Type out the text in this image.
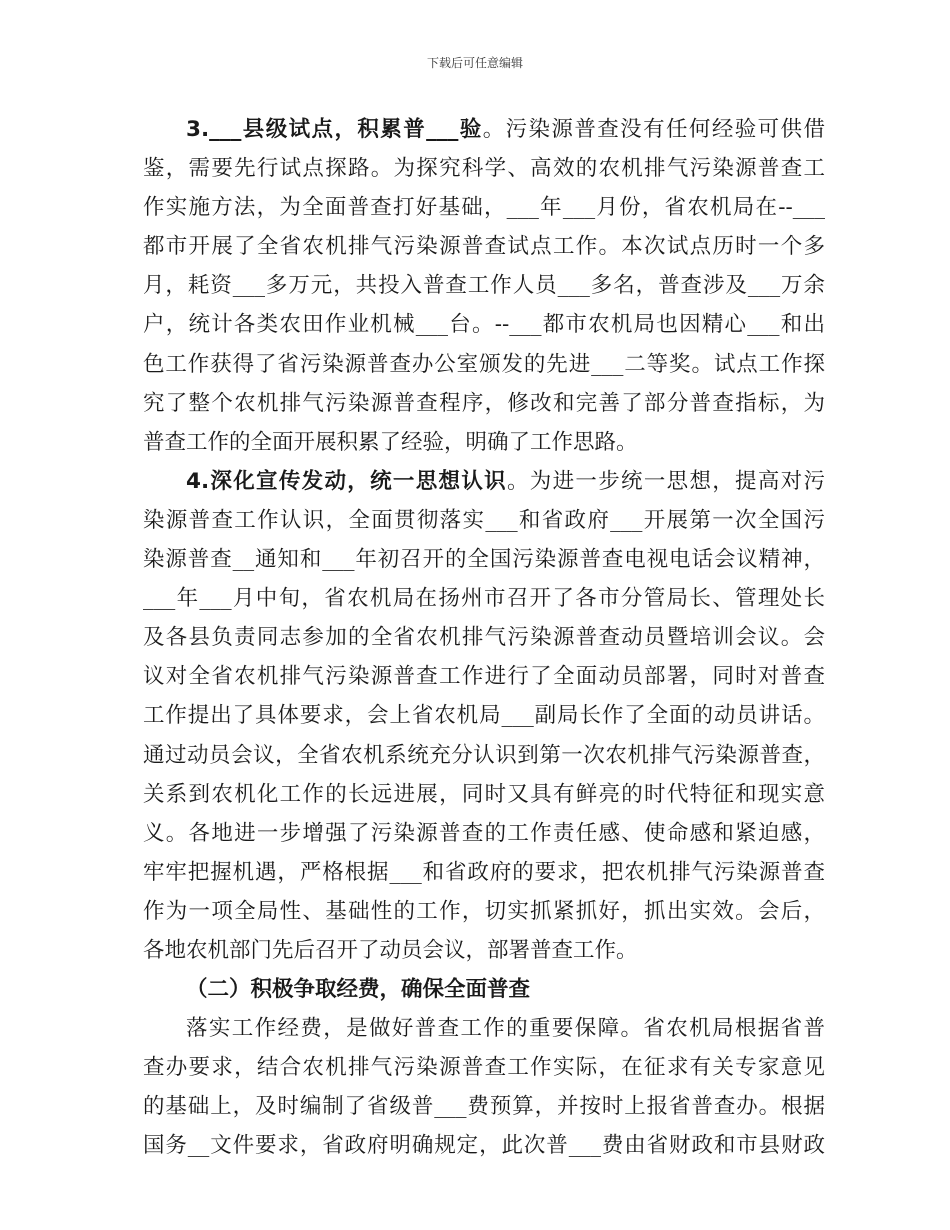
下载后可任意编辑
3.___县级试点，积累普___验。污染源普查没有任何经验可供借
鉴，需要先行试点探路。为探究科学、高效的农机排气污染源普查工
作实施方法，为全面普查打好基础，___年___月份，省农机局在--___
都市开展了全省农机排气污染源普查试点工作。本次试点历时一个多
月，耗资___多万元，共投入普查工作人员___多名，普查涉及___万余
户，统计各类农田作业机械___台。--___都市农机局也因精心___和出
色工作获得了省污染源普查办公室颁发的先进___二等奖。试点工作探
究了整个农机排气污染源普查程序，修改和完善了部分普查指标，为
普查工作的全面开展积累了经验，明确了工作思路。
4.深化宣传发动，统一思想认识。为进一步统一思想，提高对污
染源普查工作认识，全面贯彻落实___和省政府___开展第一次全国污
染源普查__通知和___年初召开的全国污染源普查电视电话会议精神，
___年___月中旬，省农机局在扬州市召开了各市分管局长、管理处长
及各县负责同志参加的全省农机排气污染源普查动员暨培训会议。会
议对全省农机排气污染源普查工作进行了全面动员部署，同时对普查
工作提出了具体要求，会上省农机局___副局长作了全面的动员讲话。
通过动员会议，全省农机系统充分认识到第一次农机排气污染源普查，
关系到农机化工作的长远进展，同时又具有鲜亮的时代特征和现实意
义。各地进一步增强了污染源普查的工作责任感、使命感和紧迫感，
牢牢把握机遇，严格根据___和省政府的要求，把农机排气污染源普查
作为一项全局性、基础性的工作，切实抓紧抓好，抓出实效。会后，
各地农机部门先后召开了动员会议，部署普查工作。
（二）积极争取经费，确保全面普查
落实工作经费，是做好普查工作的重要保障。省农机局根据省普
查办要求，结合农机排气污染源普查工作实际，在征求有关专家意见
的基础上，及时编制了省级普___费预算，并按时上报省普查办。根据
国务__文件要求，省政府明确规定，此次普___费由省财政和市县财政
